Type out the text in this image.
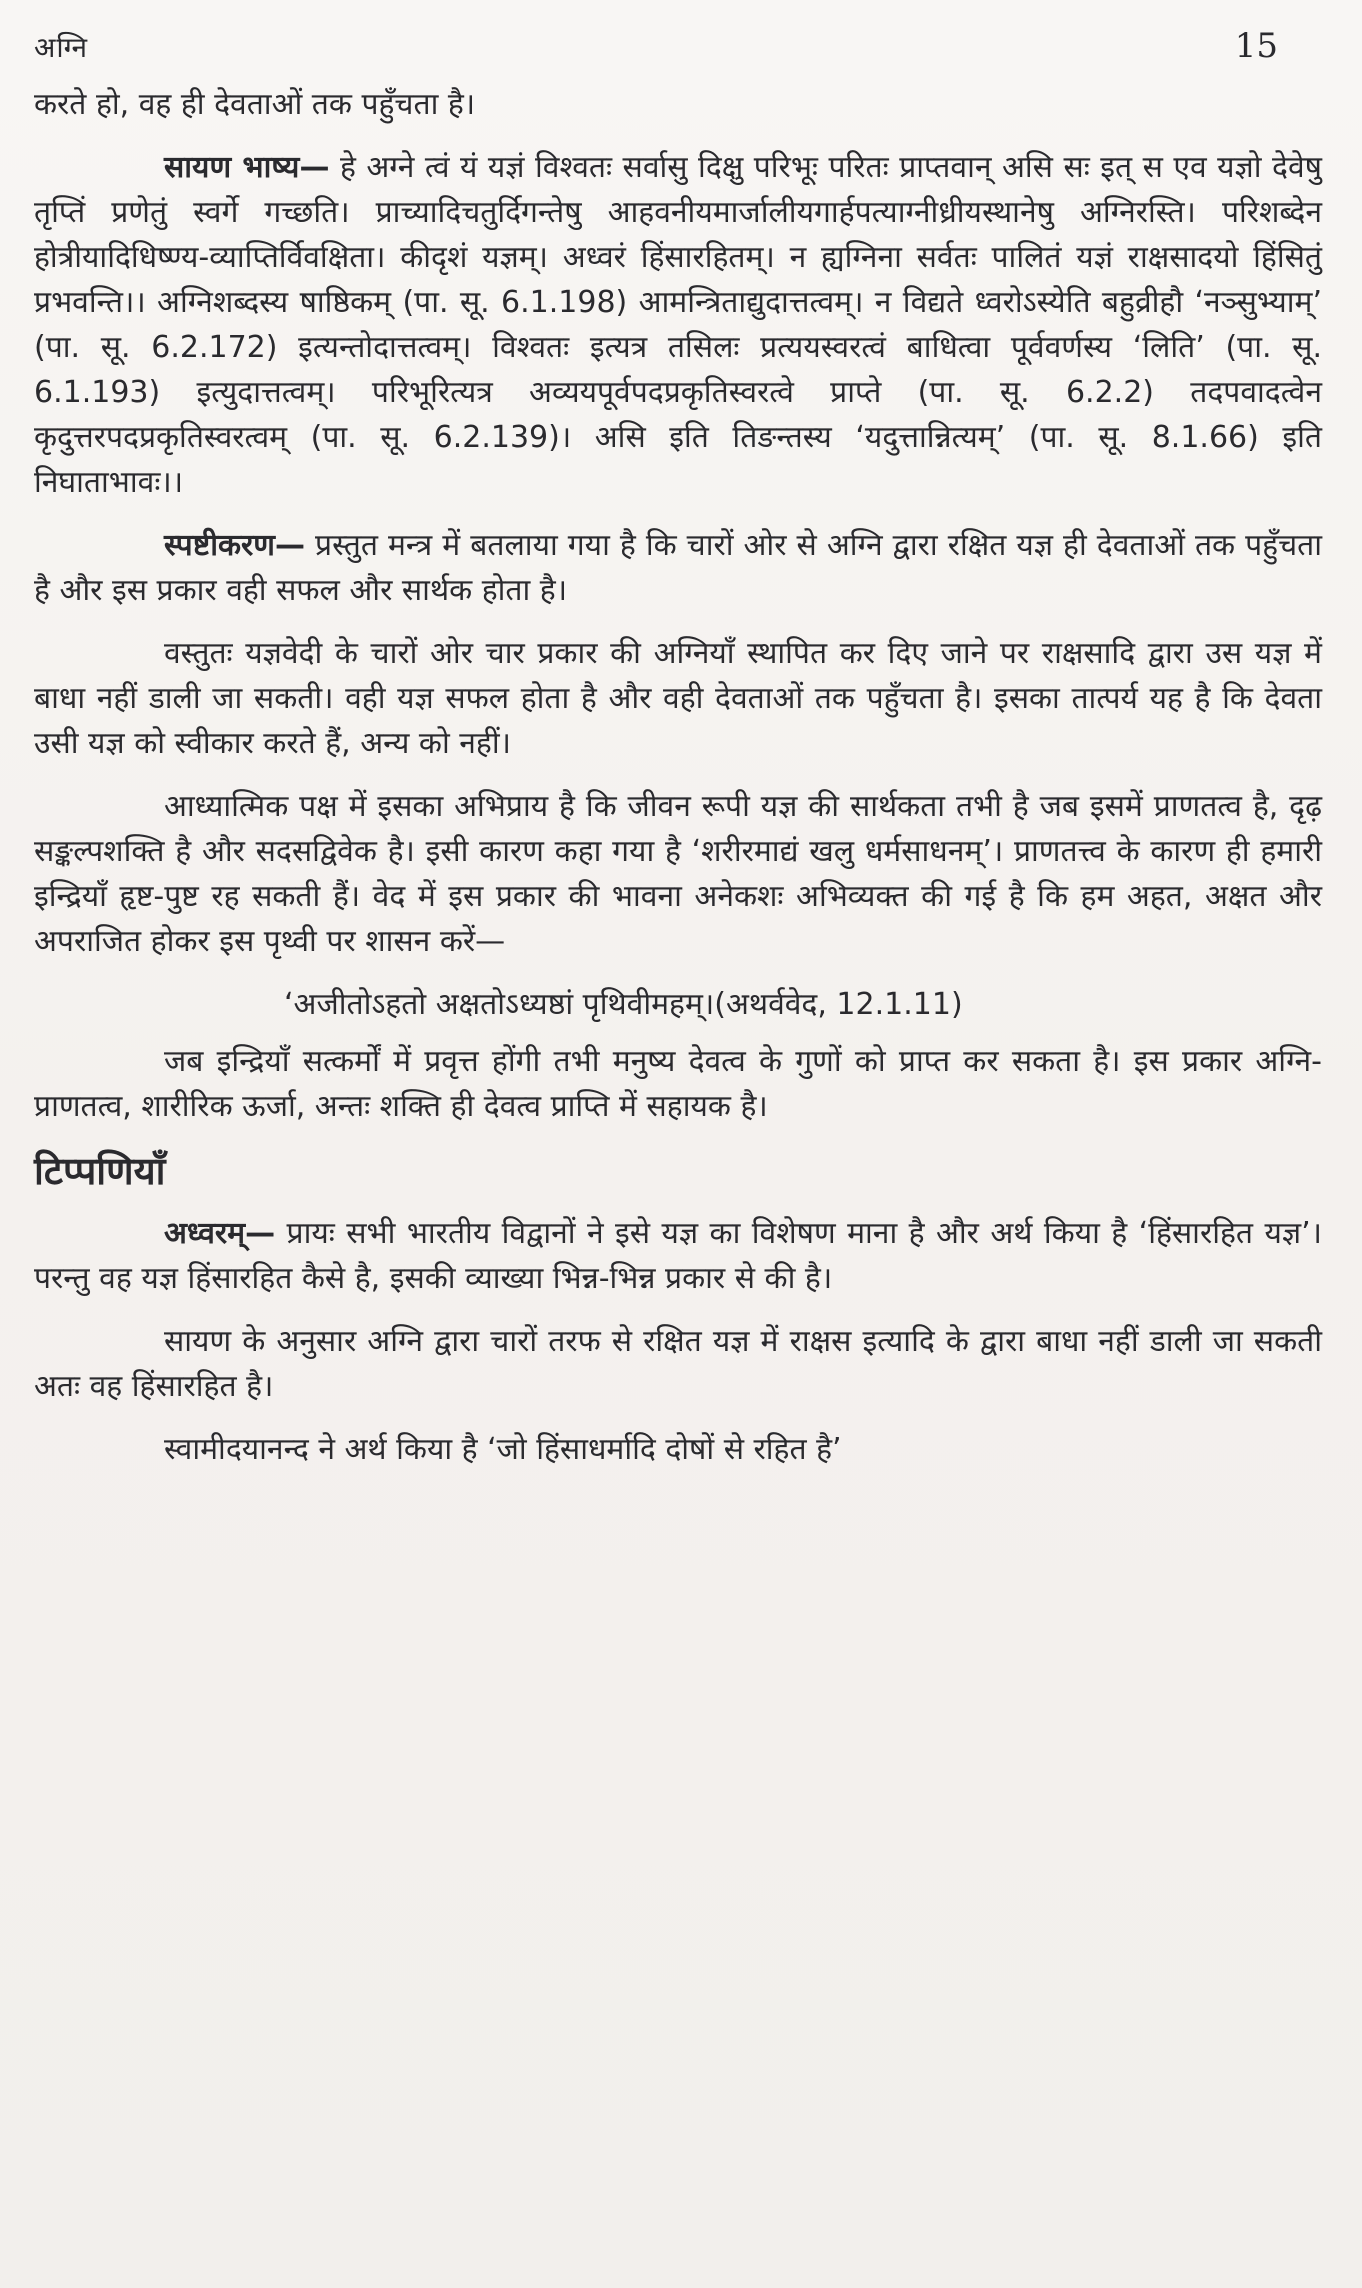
अग्नि	15

करते हो, वह ही देवताओं तक पहुँचता है।

सायण भाष्य— हे अग्ने त्वं यं यज्ञं विश्वतः सर्वासु दिक्षु परिभूः परितः प्राप्तवान् असि सः इत् स एव यज्ञो देवेषु तृप्तिं प्रणेतुं स्वर्गे गच्छति। प्राच्यादिचतुर्दिगन्तेषु आहवनीयमार्जालीयगार्हपत्याग्नीध्रीयस्थानेषु अग्निरस्ति। परिशब्देन होत्रीयादिधिष्ण्य-व्याप्तिर्विवक्षिता। कीदृशं यज्ञम्। अध्वरं हिंसारहितम्। न ह्यग्निना सर्वतः पालितं यज्ञं राक्षसादयो हिंसितुं प्रभवन्ति।। अग्निशब्दस्य षाष्ठिकम् (पा. सू. 6.1.198) आमन्त्रिताद्युदात्तत्वम्। न विद्यते ध्वरोऽस्येति बहुव्रीहौ ‘नञ्सुभ्याम्’ (पा. सू. 6.2.172) इत्यन्तोदात्तत्वम्। विश्वतः इत्यत्र तसिलः प्रत्ययस्वरत्वं बाधित्वा पूर्ववर्णस्य ‘लिति’ (पा. सू. 6.1.193) इत्युदात्तत्वम्। परिभूरित्यत्र अव्ययपूर्वपदप्रकृतिस्वरत्वे प्राप्ते (पा. सू. 6.2.2) तदपवादत्वेन कृदुत्तरपदप्रकृतिस्वरत्वम् (पा. सू. 6.2.139)। असि इति तिङन्तस्य ‘यदुत्तान्नित्यम्’ (पा. सू. 8.1.66) इति निघाताभावः।।

स्पष्टीकरण— प्रस्तुत मन्त्र में बतलाया गया है कि चारों ओर से अग्नि द्वारा रक्षित यज्ञ ही देवताओं तक पहुँचता है और इस प्रकार वही सफल और सार्थक होता है।

वस्तुतः यज्ञवेदी के चारों ओर चार प्रकार की अग्नियाँ स्थापित कर दिए जाने पर राक्षसादि द्वारा उस यज्ञ में बाधा नहीं डाली जा सकती। वही यज्ञ सफल होता है और वही देवताओं तक पहुँचता है। इसका तात्पर्य यह है कि देवता उसी यज्ञ को स्वीकार करते हैं, अन्य को नहीं।

आध्यात्मिक पक्ष में इसका अभिप्राय है कि जीवन रूपी यज्ञ की सार्थकता तभी है जब इसमें प्राणतत्व है, दृढ़ सङ्कल्पशक्ति है और सदसद्विवेक है। इसी कारण कहा गया है ‘शरीरमाद्यं खलु धर्मसाधनम्’। प्राणतत्त्व के कारण ही हमारी इन्द्रियाँ हृष्ट-पुष्ट रह सकती हैं। वेद में इस प्रकार की भावना अनेकशः अभिव्यक्त की गई है कि हम अहत, अक्षत और अपराजित होकर इस पृथ्वी पर शासन करें—

‘अजीतोऽहतो अक्षतोऽध्यष्ठां पृथिवीमहम्।(अथर्ववेद, 12.1.11)

जब इन्द्रियाँ सत्कर्मों में प्रवृत्त होंगी तभी मनुष्य देवत्व के गुणों को प्राप्त कर सकता है। इस प्रकार अग्नि-प्राणतत्व, शारीरिक ऊर्जा, अन्तः शक्ति ही देवत्व प्राप्ति में सहायक है।

टिप्पणियाँ

अध्वरम्— प्रायः सभी भारतीय विद्वानों ने इसे यज्ञ का विशेषण माना है और अर्थ किया है ‘हिंसारहित यज्ञ’। परन्तु वह यज्ञ हिंसारहित कैसे है, इसकी व्याख्या भिन्न-भिन्न प्रकार से की है।

सायण के अनुसार अग्नि द्वारा चारों तरफ से रक्षित यज्ञ में राक्षस इत्यादि के द्वारा बाधा नहीं डाली जा सकती अतः वह हिंसारहित है।

स्वामीदयानन्द ने अर्थ किया है ‘जो हिंसाधर्मादि दोषों से रहित है’
